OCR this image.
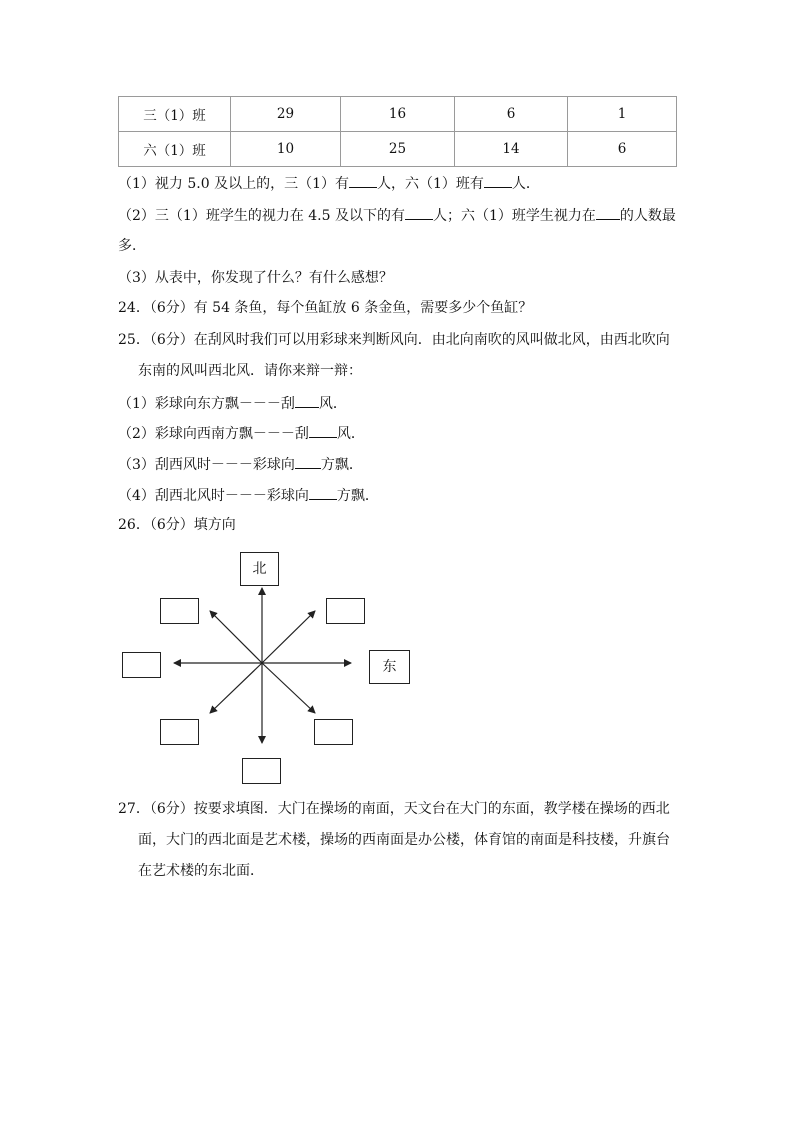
三（1）班	29	16	6	1
六（1）班	10	25	14	6
（1）视力 5.0 及以上的，三（1）有 人，六（1）班有 人．
（2）三（1）班学生的视力在 4.5 及以下的有 人；六（1）班学生视力在 的人数最
多．
（3）从表中，你发现了什么？有什么感想？
24．（6分）有 54 条鱼，每个鱼缸放 6 条金鱼，需要多少个鱼缸？
25．（6分）在刮风时我们可以用彩球来判断风向．由北向南吹的风叫做北风，由西北吹向
东南的风叫西北风．请你来辩一辩：
（1）彩球向东方飘－－－刮 风．
（2）彩球向西南方飘－－－刮 风．
（3）刮西风时－－－彩球向 方飘．
（4）刮西北风时－－－彩球向 方飘．
26．（6分）填方向
北
东
27．（6分）按要求填图．大门在操场的南面，天文台在大门的东面，教学楼在操场的西北
面，大门的西北面是艺术楼，操场的西南面是办公楼，体育馆的南面是科技楼，升旗台
在艺术楼的东北面．
